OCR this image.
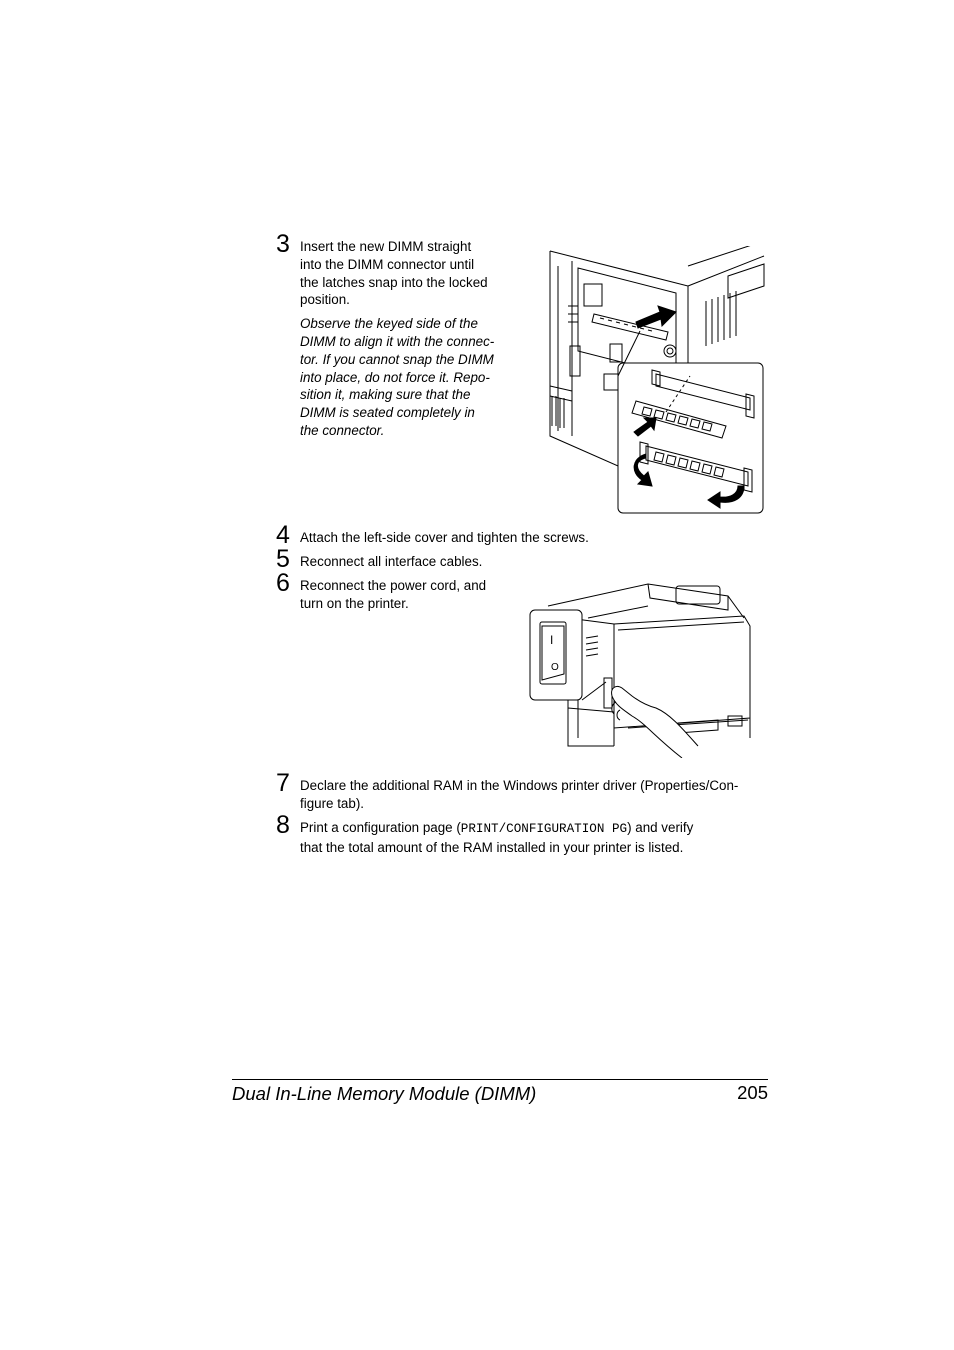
3 Insert the new DIMM straight
into the DIMM connector until
the latches snap into the locked
position.
Observe the keyed side of the
DIMM to align it with the connec-
tor. If you cannot snap the DIMM
into place, do not force it. Repo-
sition it, making sure that the
DIMM is seated completely in
the connector.
4 Attach the left-side cover and tighten the screws.
5 Reconnect all interface cables.
6 Reconnect the power cord, and
turn on the printer.
I
O
7 Declare the additional RAM in the Windows printer driver (Properties/Con-
figure tab).
8 Print a configuration page (PRINT/CONFIGURATION PG) and verify
that the total amount of the RAM installed in your printer is listed.
Dual In-Line Memory Module (DIMM)	205
